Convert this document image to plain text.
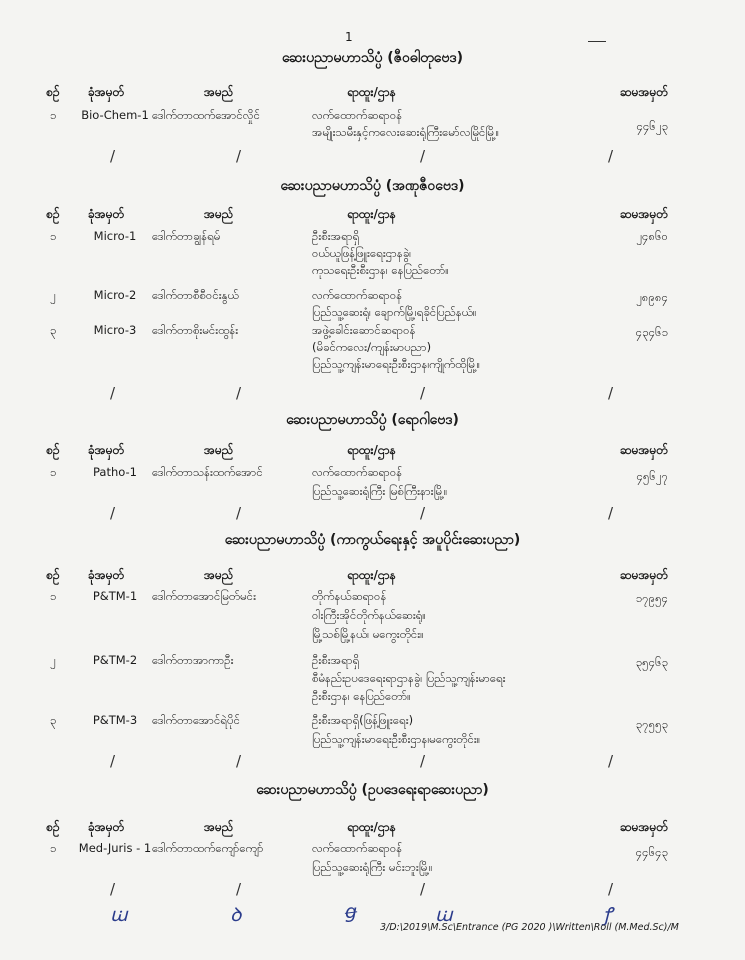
1
ဆေးပညာမဟာသိပ္ပံ (ဇီဝဓါတုဗေဒ)
စဉ်	ခုံအမှတ်	အမည်	ရာထူး/ဌာန	ဆမအမှတ်
၁	Bio-Chem-1 ဒေါက်တာထက်အောင်လှိုင်	လက်ထောက်ဆရာဝန်
အမျိုးသမီးနှင့်ကလေးဆေးရုံကြီးမော်လမြိုင်မြို့။	၄၄၆၂၃
/	/	/	/
ဆေးပညာမဟာသိပ္ပံ (အဏုဇီဝဗေဒ)
စဉ်	ခုံအမှတ်	အမည်	ရာထူး/ဌာန	ဆမအမှတ်
၁	Micro-1	ဒေါက်တာချွန်ရမ်	ဦးစီးအရာရှိ
ဝယ်ယူဖြန့်ဖြူးရေးဌာနခွဲ၊
ကုသရေးဦးစီးဌာန၊ နေပြည်တော်။
၂၄၈၆၀
၂	Micro-2	ဒေါက်တာစီစီဝင်းနွယ်	လက်ထောက်ဆရာဝန်
ပြည်သူ့ဆေးရုံ၊ ချောက်မြို့၊ရခိုင်ပြည်နယ်။
၂၈၉၈၄
၃	Micro-3	ဒေါက်တာစိုးမင်းထွန်း	အဖွဲ့ခေါင်းဆောင်ဆရာဝန်
(မိခင်ကလေး/ကျန်းမာပညာ)
ပြည်သူ့ကျန်းမာရေးဦးစီးဌာန၊ကျိုက်ထိုမြို့။
၄၃၄၆၁
/	/	/	/
ဆေးပညာမဟာသိပ္ပံ (ရောဂါဗေဒ)
စဉ်	ခုံအမှတ်	အမည်	ရာထူး/ဌာန	ဆမအမှတ်
၁	Patho-1	ဒေါက်တာသန်းထက်အောင်	လက်ထောက်ဆရာဝန်
ပြည်သူ့ဆေးရုံကြီး မြစ်ကြီးနားမြို့။
၄၅၆၂၇
/	/	/	/
ဆေးပညာမဟာသိပ္ပံ (ကာကွယ်ရေးနှင့် အပူပိုင်းဆေးပညာ)
စဉ်	ခုံအမှတ်	အမည်	ရာထူး/ဌာန	ဆမအမှတ်
၁	P&TM-1	ဒေါက်တာအောင်မြတ်မင်း	တိုက်နယ်ဆရာဝန်
ဝါးကြီးအိုင်တိုက်နယ်ဆေးရုံ။
မြို့သစ်မြို့နယ်၊ မကွေးတိုင်း။
၁၇၉၅၄
၂	P&TM-2	ဒေါက်တာအာကာဦး	ဦးစီးအရာရှိ
စီမံနည်းဥပဒေရေးရာဌာနခွဲ၊ ပြည်သူ့ကျန်းမာရေး
ဦးစီးဌာန၊ နေပြည်တော်။
၃၅၄၆၃
၃	P&TM-3	ဒေါက်တာအောင်ရဲပိုင်	ဦးစီးအရာရှိ(ဖြန့်ဖြူးရေး)
ပြည်သူ့ကျန်းမာရေးဦးစီးဌာန၊မကွေးတိုင်း။
၃၇၅၅၃
/	/	/	/
ဆေးပညာမဟာသိပ္ပံ (ဥပဒေရေးရာဆေးပညာ)
စဉ်	ခုံအမှတ်	အမည်	ရာထူး/ဌာန	ဆမအမှတ်
၁	Med-Juris - 1 ဒေါက်တာထက်ကျော်ကျော်	လက်ထောက်ဆရာဝန်
ပြည်သူ့ဆေးရုံကြီး မင်းဘူးမြို့။
၄၄၆၄၃
/	/	/	/
ꭐ	ꝺ	ꞡ	ꭐ	ꝭ
3/D:\2019\M.Sc\Entrance (PG 2020 )\Written\Roll (M.Med.Sc)/M
